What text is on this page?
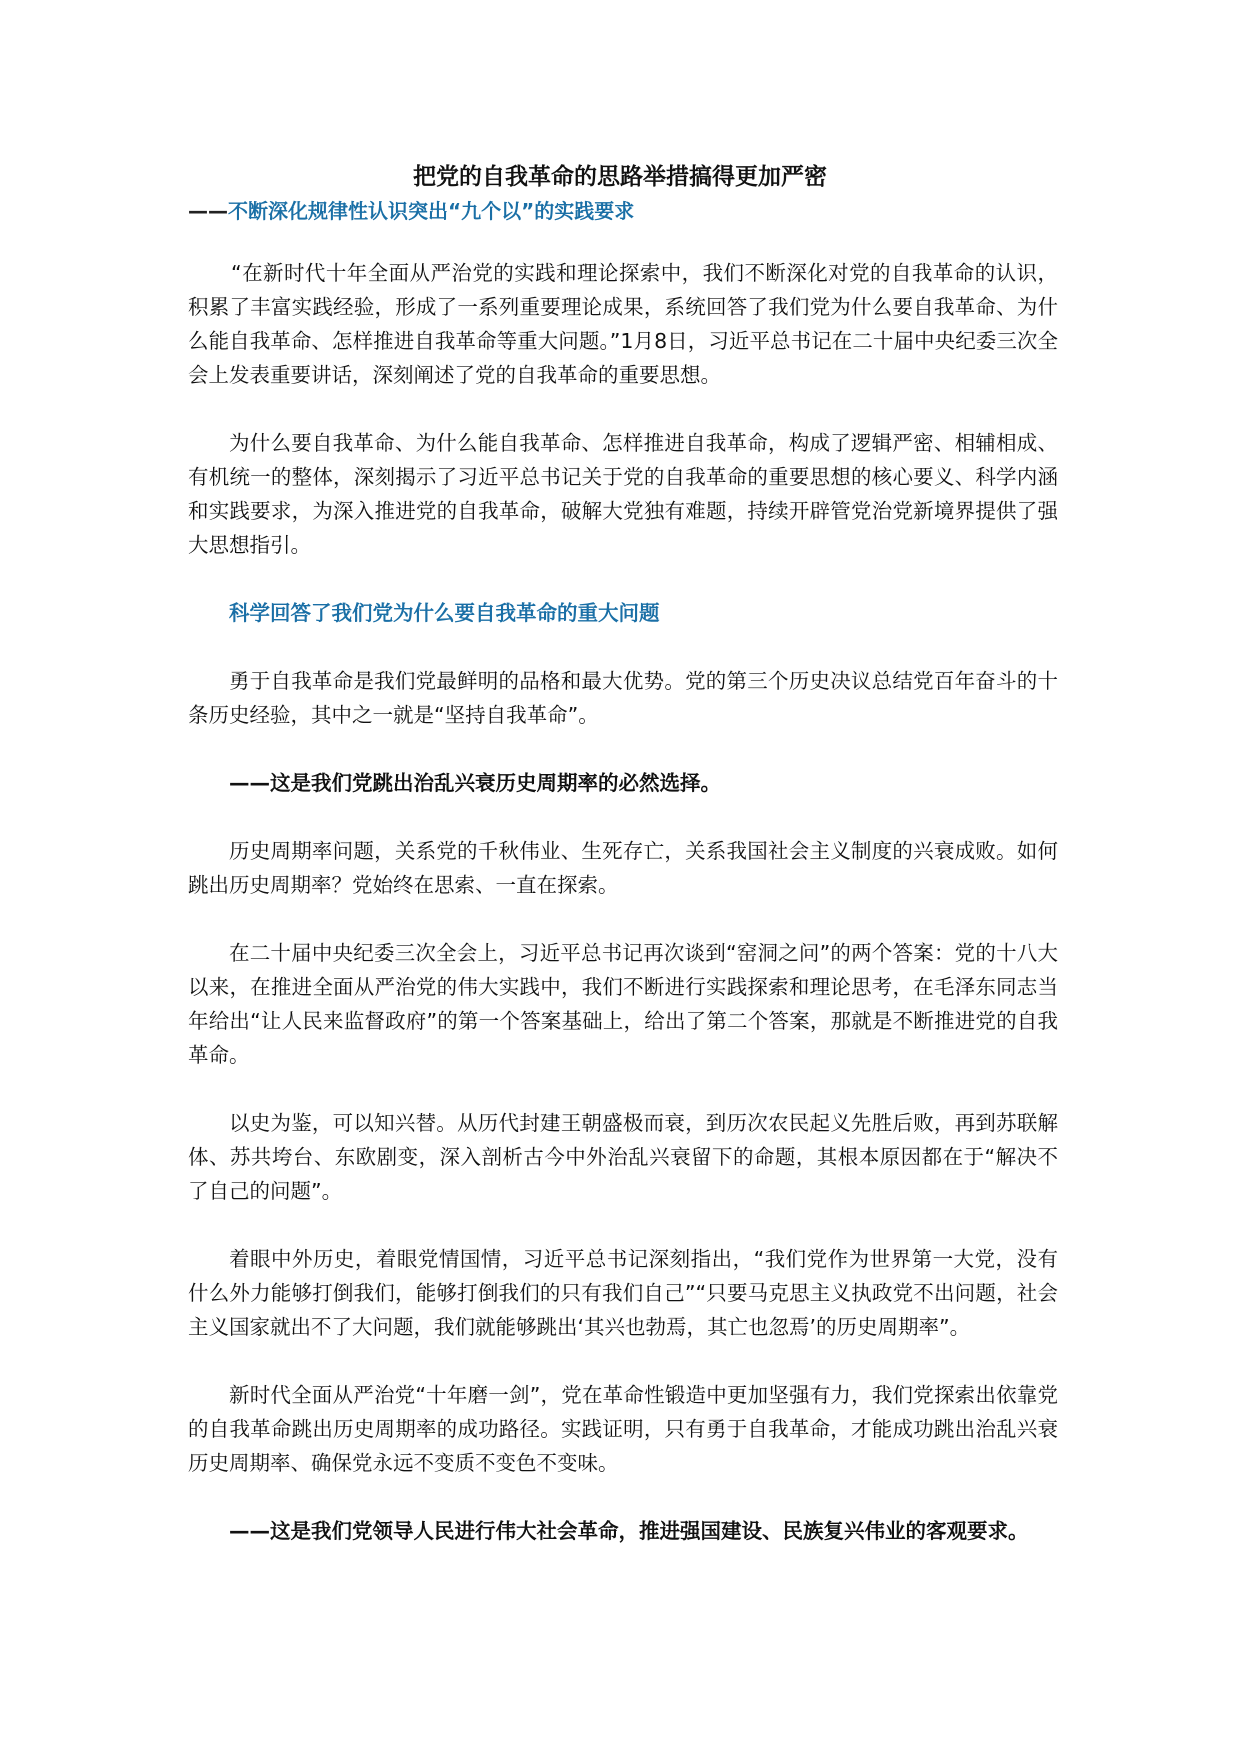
把党的自我革命的思路举措搞得更加严密
——不断深化规律性认识突出“九个以”的实践要求

“在新时代十年全面从严治党的实践和理论探索中，我们不断深化对党的自我革命的认识，积累了丰富实践经验，形成了一系列重要理论成果，系统回答了我们党为什么要自我革命、为什么能自我革命、怎样推进自我革命等重大问题。”1月8日，习近平总书记在二十届中央纪委三次全会上发表重要讲话，深刻阐述了党的自我革命的重要思想。

为什么要自我革命、为什么能自我革命、怎样推进自我革命，构成了逻辑严密、相辅相成、有机统一的整体，深刻揭示了习近平总书记关于党的自我革命的重要思想的核心要义、科学内涵和实践要求，为深入推进党的自我革命，破解大党独有难题，持续开辟管党治党新境界提供了强大思想指引。

科学回答了我们党为什么要自我革命的重大问题

勇于自我革命是我们党最鲜明的品格和最大优势。党的第三个历史决议总结党百年奋斗的十条历史经验，其中之一就是“坚持自我革命”。

——这是我们党跳出治乱兴衰历史周期率的必然选择。

历史周期率问题，关系党的千秋伟业、生死存亡，关系我国社会主义制度的兴衰成败。如何跳出历史周期率？党始终在思索、一直在探索。

在二十届中央纪委三次全会上，习近平总书记再次谈到“窑洞之问”的两个答案：党的十八大以来，在推进全面从严治党的伟大实践中，我们不断进行实践探索和理论思考，在毛泽东同志当年给出“让人民来监督政府”的第一个答案基础上，给出了第二个答案，那就是不断推进党的自我革命。

以史为鉴，可以知兴替。从历代封建王朝盛极而衰，到历次农民起义先胜后败，再到苏联解体、苏共垮台、东欧剧变，深入剖析古今中外治乱兴衰留下的命题，其根本原因都在于“解决不了自己的问题”。

着眼中外历史，着眼党情国情，习近平总书记深刻指出，“我们党作为世界第一大党，没有什么外力能够打倒我们，能够打倒我们的只有我们自己”“只要马克思主义执政党不出问题，社会主义国家就出不了大问题，我们就能够跳出‘其兴也勃焉，其亡也忽焉’的历史周期率”。

新时代全面从严治党“十年磨一剑”，党在革命性锻造中更加坚强有力，我们党探索出依靠党的自我革命跳出历史周期率的成功路径。实践证明，只有勇于自我革命，才能成功跳出治乱兴衰历史周期率、确保党永远不变质不变色不变味。

——这是我们党领导人民进行伟大社会革命，推进强国建设、民族复兴伟业的客观要求。
